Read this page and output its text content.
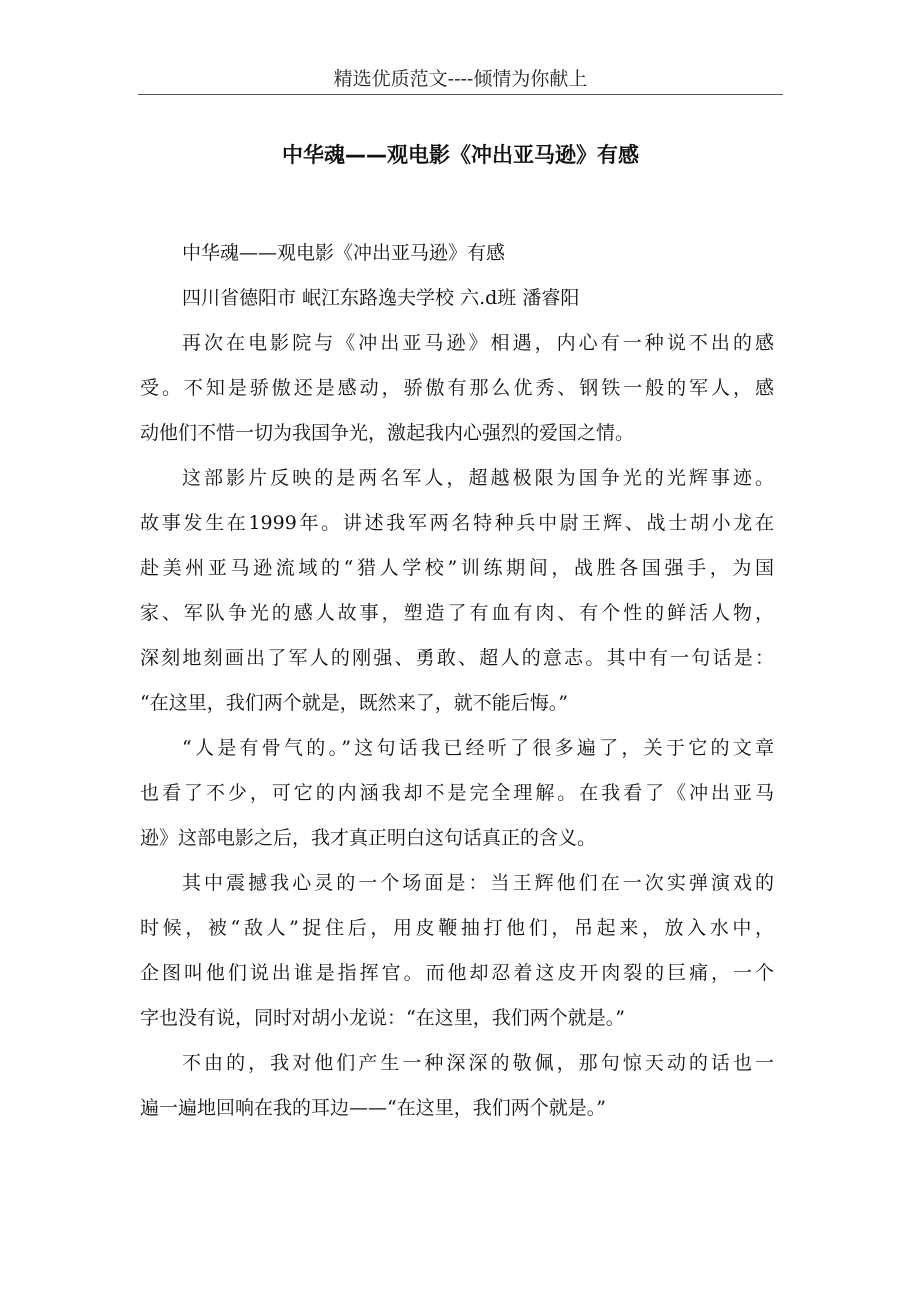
精选优质范文----倾情为你献上
中华魂——观电影《冲出亚马逊》有感
中华魂——观电影《冲出亚马逊》有感
四川省德阳市 岷江东路逸夫学校 六.d班 潘睿阳
再次在电影院与《冲出亚马逊》相遇，内心有一种说不出的感
受。不知是骄傲还是感动，骄傲有那么优秀、钢铁一般的军人，感
动他们不惜一切为我国争光，激起我内心强烈的爱国之情。
这部影片反映的是两名军人，超越极限为国争光的光辉事迹。
故事发生在1999年。讲述我军两名特种兵中尉王辉、战士胡小龙在
赴美州亚马逊流域的“猎人学校”训练期间，战胜各国强手，为国
家、军队争光的感人故事，塑造了有血有肉、有个性的鲜活人物，
深刻地刻画出了军人的刚强、勇敢、超人的意志。其中有一句话是：
“在这里，我们两个就是，既然来了，就不能后悔。”
“人是有骨气的。”这句话我已经听了很多遍了，关于它的文章
也看了不少，可它的内涵我却不是完全理解。在我看了《冲出亚马
逊》这部电影之后，我才真正明白这句话真正的含义。
其中震撼我心灵的一个场面是：当王辉他们在一次实弹演戏的
时候，被“敌人”捉住后，用皮鞭抽打他们，吊起来，放入水中，
企图叫他们说出谁是指挥官。而他却忍着这皮开肉裂的巨痛，一个
字也没有说，同时对胡小龙说：“在这里，我们两个就是。”
不由的，我对他们产生一种深深的敬佩，那句惊天动的话也一
遍一遍地回响在我的耳边——“在这里，我们两个就是。”
